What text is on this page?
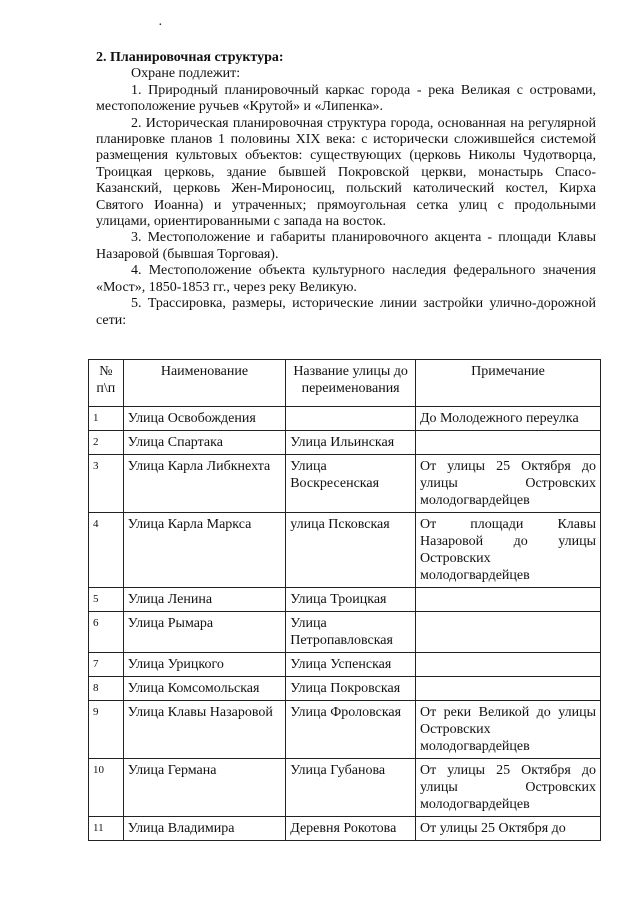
·

2. Планировочная структура:

Охране подлежит:

1. Природный планировочный каркас города - река Великая с островами, местоположение ручьев «Крутой» и «Липенка».

2. Историческая планировочная структура города, основанная на регулярной планировке планов 1 половины XIX века: с исторически сложившейся системой размещения культовых объектов: существующих (церковь Николы Чудотворца, Троицкая церковь, здание бывшей Покровской церкви, монастырь Спасо-Казанский, церковь Жен-Мироносиц, польский католический костел, Кирха Святого Иоанна) и утраченных; прямоугольная сетка улиц с продольными улицами, ориентированными с запада на восток.

3. Местоположение и габариты планировочного акцента - площади Клавы Назаровой (бывшая Торговая).

4. Местоположение объекта культурного наследия федерального значения «Мост», 1850-1853 гг., через реку Великую.

5. Трассировка, размеры, исторические линии застройки улично-дорожной сети:

№ п\п	Наименование	Название улицы до переименования	Примечание
1	Улица Освобождения		До Молодежного переулка
2	Улица Спартака	Улица Ильинская	
3	Улица Карла Либкнехта	Улица Воскресенская	От улицы 25 Октября до улицы Островских молодогвардейцев
4	Улица Карла Маркса	улица Псковская	От площади Клавы Назаровой до улицы Островских молодогвардейцев
5	Улица Ленина	Улица Троицкая	
6	Улица Рымара	Улица Петропавловская	
7	Улица Урицкого	Улица Успенская	
8	Улица Комсомольская	Улица Покровская	
9	Улица Клавы Назаровой	Улица Фроловская	От реки Великой до улицы Островских молодогвардейцев
10	Улица Германа	Улица Губанова	От улицы 25 Октября до улицы Островских молодогвардейцев
11	Улица Владимира	Деревня Рокотова	От улицы 25 Октября до
